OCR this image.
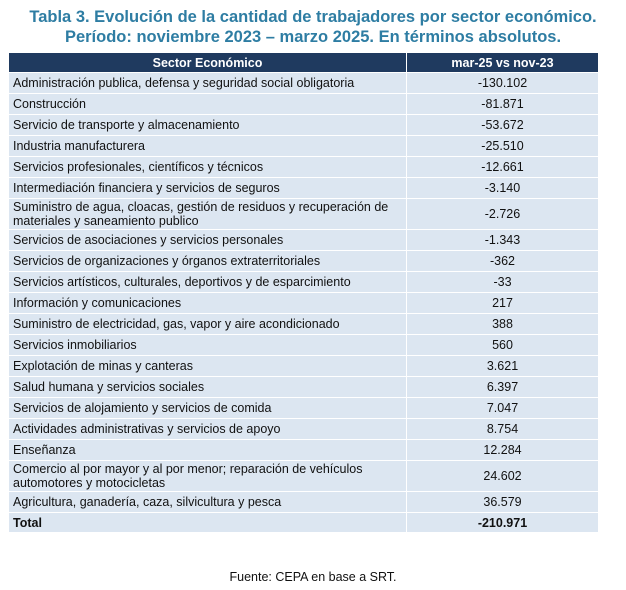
Tabla 3. Evolución de la cantidad de trabajadores por sector económico.
Período: noviembre 2023 – marzo 2025. En términos absolutos.
Sector Económico	mar-25 vs nov-23
Administración publica, defensa y seguridad social obligatoria	-130.102
Construcción	-81.871
Servicio de transporte y almacenamiento	-53.672
Industria manufacturera	-25.510
Servicios profesionales, científicos y técnicos	-12.661
Intermediación financiera y servicios de seguros	-3.140
Suministro de agua, cloacas, gestión de residuos y recuperación de materiales y saneamiento publico	-2.726
Servicios de asociaciones y servicios personales	-1.343
Servicios de organizaciones y órganos extraterritoriales	-362
Servicios artísticos, culturales, deportivos y de esparcimiento	-33
Información y comunicaciones	217
Suministro de electricidad, gas, vapor y aire acondicionado	388
Servicios inmobiliarios	560
Explotación de minas y canteras	3.621
Salud humana y servicios sociales	6.397
Servicios de alojamiento y servicios de comida	7.047
Actividades administrativas y servicios de apoyo	8.754
Enseñanza	12.284
Comercio al por mayor y al por menor; reparación de vehículos automotores y motocicletas	24.602
Agricultura, ganadería, caza, silvicultura y pesca	36.579
Total	-210.971
Fuente: CEPA en base a SRT.
